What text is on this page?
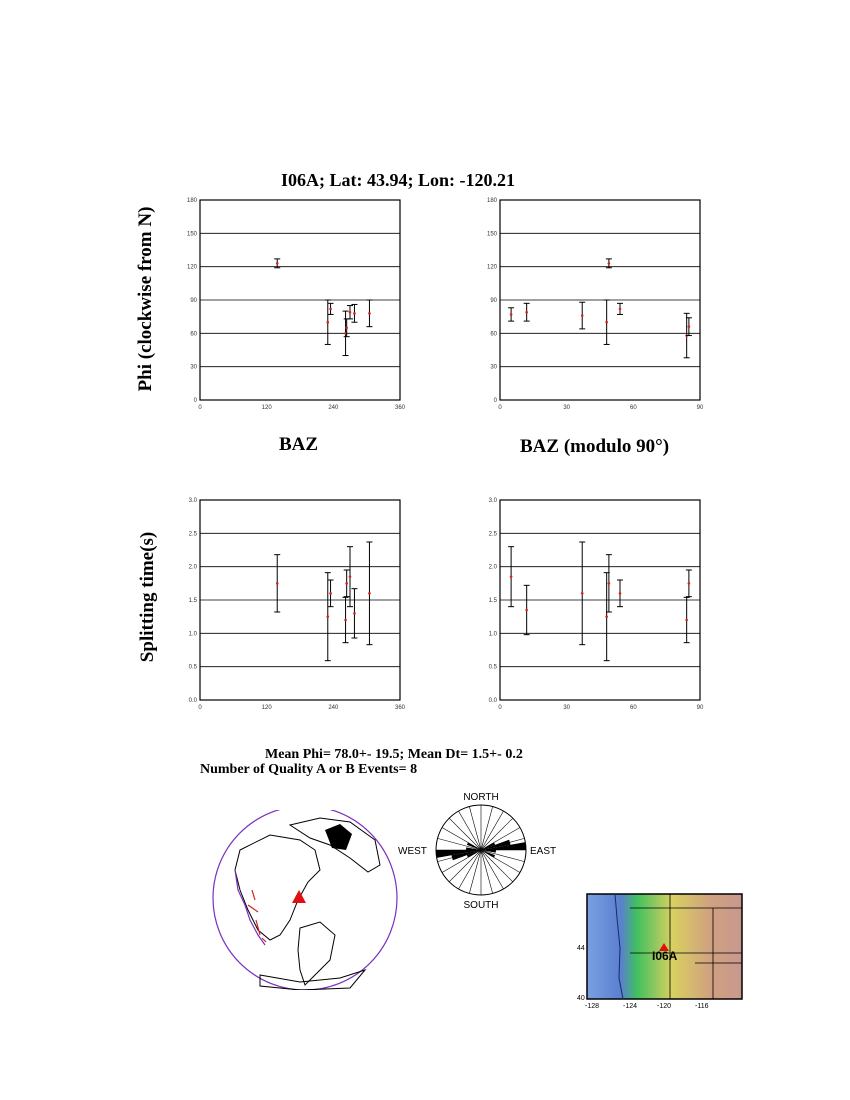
I06A; Lat: 43.94; Lon: -120.21
Phi (clockwise from N)
Splitting time(s)
BAZ	BAZ (modulo 90°)
0
30
60
90
120
150
180
0	120	240	360
0
30
60
90
120
150
180
0	30	60	90
0.0
0.5
1.0
1.5
2.0
2.5
3.0
0	120	240	360
0.0
0.5
1.0
1.5
2.0
2.5
3.0
0	30	60	90
Mean Phi= 78.0+- 19.5; Mean Dt= 1.5+- 0.2
Number of Quality A or B Events= 8
NORTH
SOUTH
EAST
WEST
I06A
44
40
-128	-124	-120	-116
